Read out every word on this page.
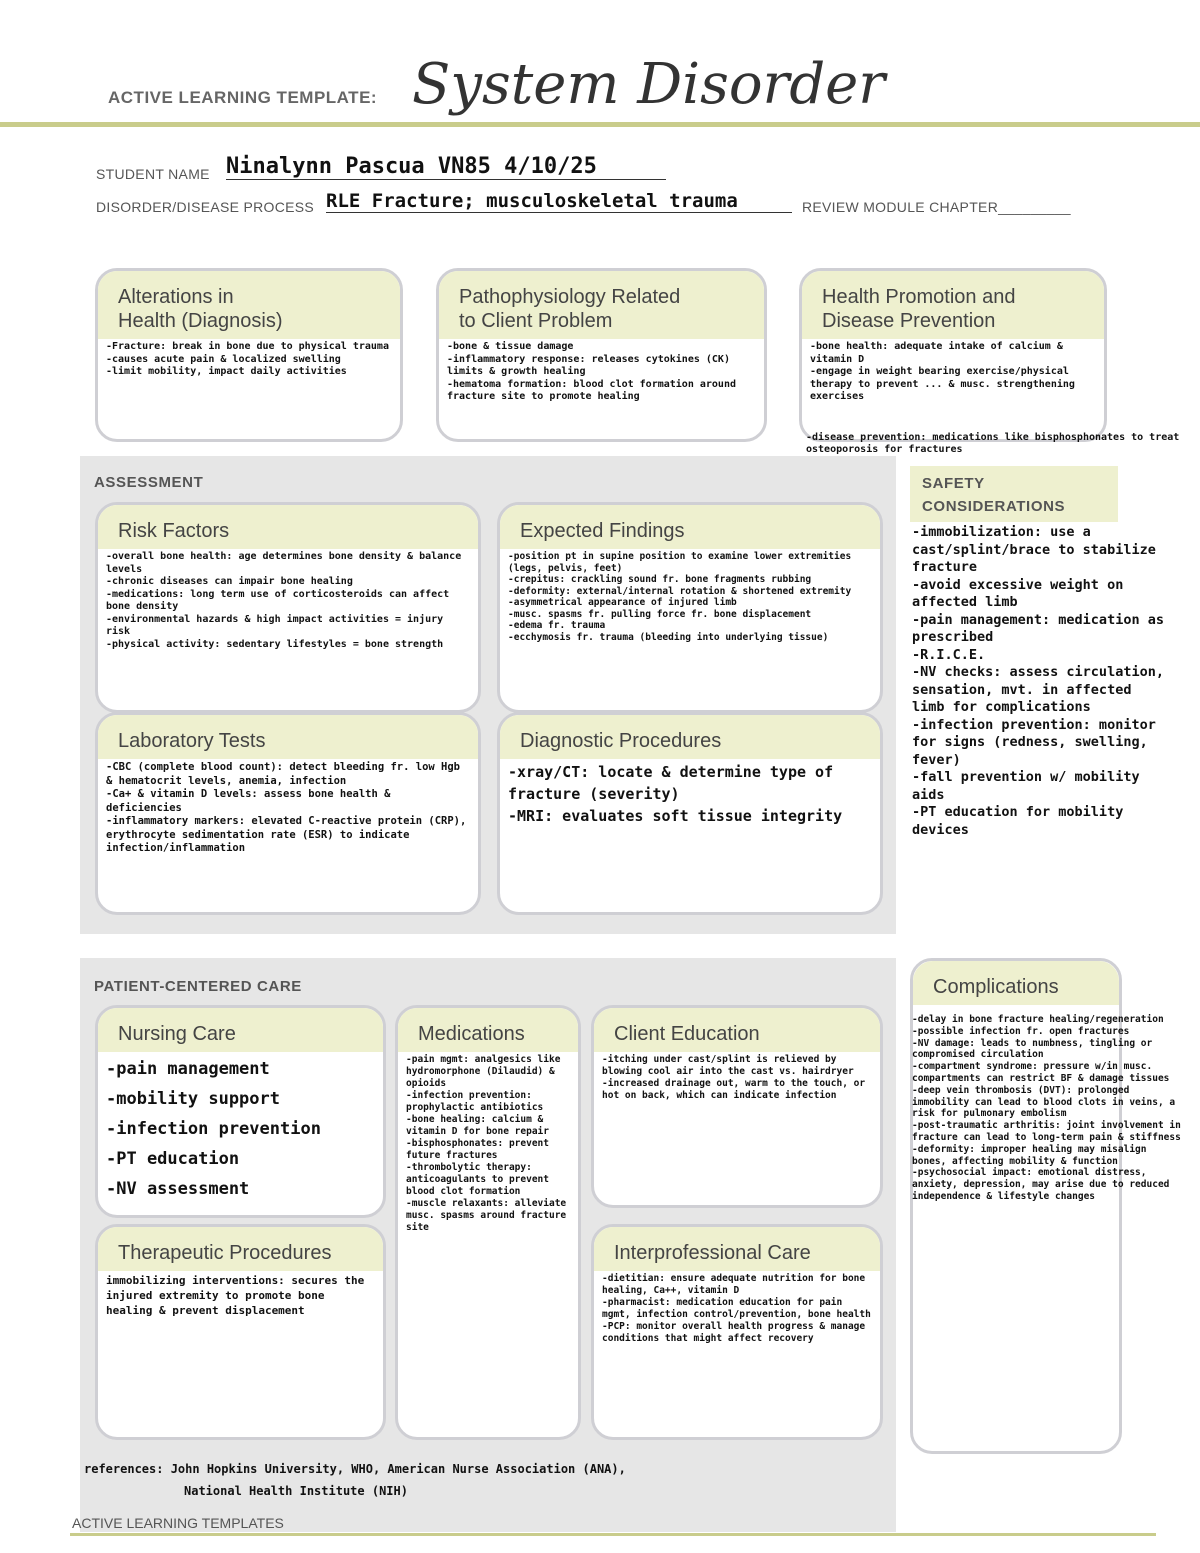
ACTIVE LEARNING TEMPLATE: System Disorder
STUDENT NAME Ninalynn Pascua VN85 4/10/25
DISORDER/DISEASE PROCESS RLE Fracture; musculoskeletal trauma	REVIEW MODULE CHAPTER_________

Alterations in

Health (Diagnosis)

-Fracture: break in bone due to physical trauma

-causes acute pain & localized swelling

-limit mobility, impact daily activities

Pathophysiology Related

to Client Problem

-bone & tissue damage

-inflammatory response: releases cytokines (CK) limits & growth healing

-hematoma formation: blood clot formation around fracture site to promote healing

Health Promotion and

Disease Prevention

-bone health: adequate intake of calcium & vitamin D

-engage in weight bearing exercise/physical therapy to prevent ... & musc. strengthening exercises

-disease prevention: medications like bisphosphonates to treat osteoporosis for fractures
ASSESSMENT
Risk Factors

-overall bone health: age determines bone density & balance levels

-chronic diseases can impair bone healing

-medications: long term use of corticosteroids can affect bone density

-environmental hazards & high impact activities = injury risk

-physical activity: sedentary lifestyles = bone strength

Expected Findings

-position pt in supine position to examine lower extremities (legs, pelvis, feet)

-crepitus: crackling sound fr. bone fragments rubbing

-deformity: external/internal rotation & shortened extremity

-asymmetrical appearance of injured limb

-musc. spasms fr. pulling force fr. bone displacement

-edema fr. trauma

-ecchymosis fr. trauma (bleeding into underlying tissue)

Laboratory Tests

-CBC (complete blood count): detect bleeding fr. low Hgb & hematocrit levels, anemia, infection

-Ca+ & vitamin D levels: assess bone health & deficiencies

-inflammatory markers: elevated C-reactive protein (CRP), erythrocyte sedimentation rate (ESR) to indicate infection/inflammation

Diagnostic Procedures

-xray/CT: locate & determine type of fracture (severity)

-MRI: evaluates soft tissue integrity

SAFETY

CONSIDERATIONS

-immobilization: use a cast/splint/brace to stabilize fracture

-avoid excessive weight on affected limb

-pain management: medication as prescribed

-R.I.C.E.

-NV checks: assess circulation, sensation, mvt. in affected limb for complications

-infection prevention: monitor for signs (redness, swelling, fever)

-fall prevention w/ mobility aids

-PT education for mobility devices

PATIENT-CENTERED CARE
Nursing Care

-pain management

-mobility support

-infection prevention

-PT education

-NV assessment

Medications

-pain mgmt: analgesics like hydromorphone (Dilaudid) & opioids

-infection prevention: prophylactic antibiotics

-bone healing: calcium & vitamin D for bone repair

-bisphosphonates: prevent future fractures

-thrombolytic therapy: anticoagulants to prevent blood clot formation

-muscle relaxants: alleviate musc. spasms around fracture site

Client Education

-itching under cast/splint is relieved by blowing cool air into the cast vs. hairdryer

-increased drainage out, warm to the touch, or hot on back, which can indicate infection

Therapeutic Procedures

immobilizing interventions: secures the injured extremity to promote bone healing & prevent displacement

Interprofessional Care

-dietitian: ensure adequate nutrition for bone healing, Ca++, vitamin D

-pharmacist: medication education for pain mgmt, infection control/prevention, bone health

-PCP: monitor overall health progress & manage conditions that might affect recovery

Complications

-delay in bone fracture healing/regeneration

-possible infection fr. open fractures

-NV damage: leads to numbness, tingling or compromised circulation

-compartment syndrome: pressure w/in musc. compartments can restrict BF & damage tissues

-deep vein thrombosis (DVT): prolonged immobility can lead to blood clots in veins, a risk for pulmonary embolism

-post-traumatic arthritis: joint involvement in fracture can lead to long-term pain & stiffness

-deformity: improper healing may misalign bones, affecting mobility & function

-psychosocial impact: emotional distress, anxiety, depression, may arise due to reduced independence & lifestyle changes

references: John Hopkins University, WHO, American Nurse Association (ANA),

National Health Institute (NIH)

ACTIVE LEARNING TEMPLATES
